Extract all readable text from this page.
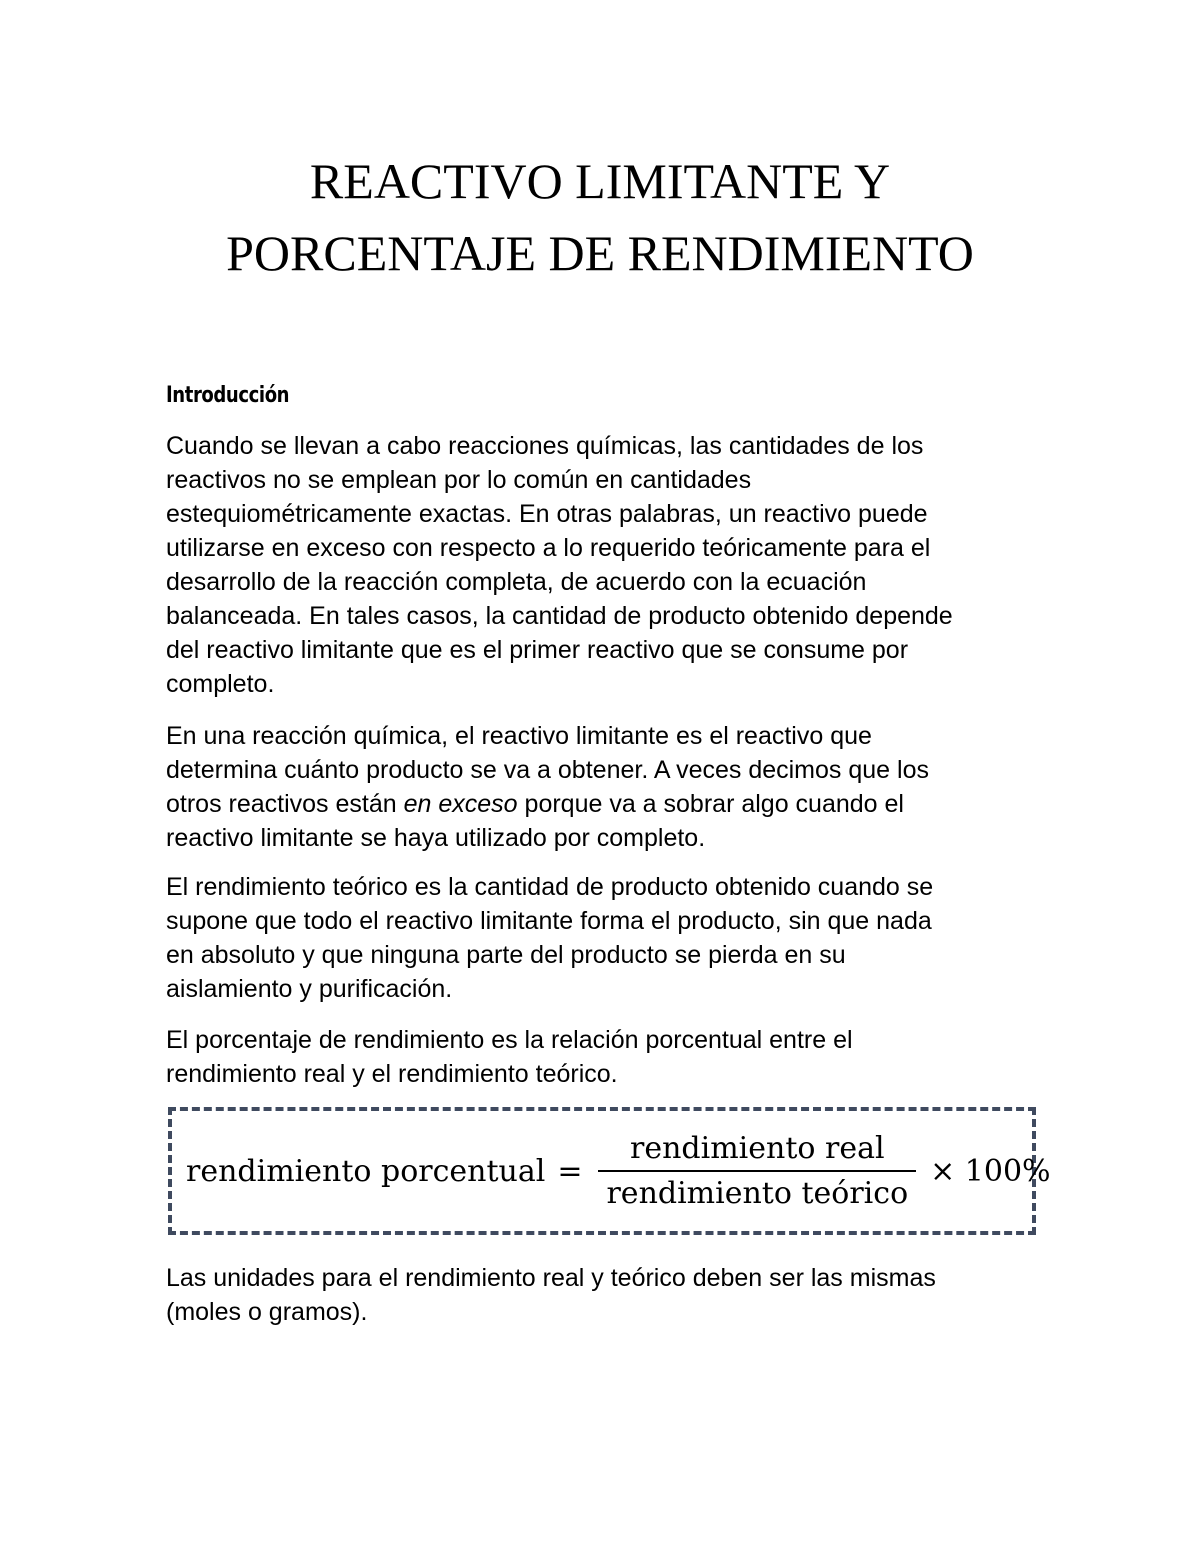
REACTIVO LIMITANTE Y
PORCENTAJE DE RENDIMIENTO
Introducción

Cuando se llevan a cabo reacciones químicas, las cantidades de los
reactivos no se emplean por lo común en cantidades
estequiométricamente exactas. En otras palabras, un reactivo puede
utilizarse en exceso con respecto a lo requerido teóricamente para el
desarrollo de la reacción completa, de acuerdo con la ecuación
balanceada. En tales casos, la cantidad de producto obtenido depende
del reactivo limitante que es el primer reactivo que se consume por
completo.

En una reacción química, el reactivo limitante es el reactivo que
determina cuánto producto se va a obtener. A veces decimos que los
otros reactivos están en exceso porque va a sobrar algo cuando el
reactivo limitante se haya utilizado por completo.

El rendimiento teórico es la cantidad de producto obtenido cuando se
supone que todo el reactivo limitante forma el producto, sin que nada
en absoluto y que ninguna parte del producto se pierda en su
aislamiento y purificación.

El porcentaje de rendimiento es la relación porcentual entre el
rendimiento real y el rendimiento teórico.

rendimiento porcentual = $\frac{\text{rendimiento real}}{\text{rendimiento teórico}} \times 100\%$

Las unidades para el rendimiento real y teórico deben ser las mismas
(moles o gramos).
